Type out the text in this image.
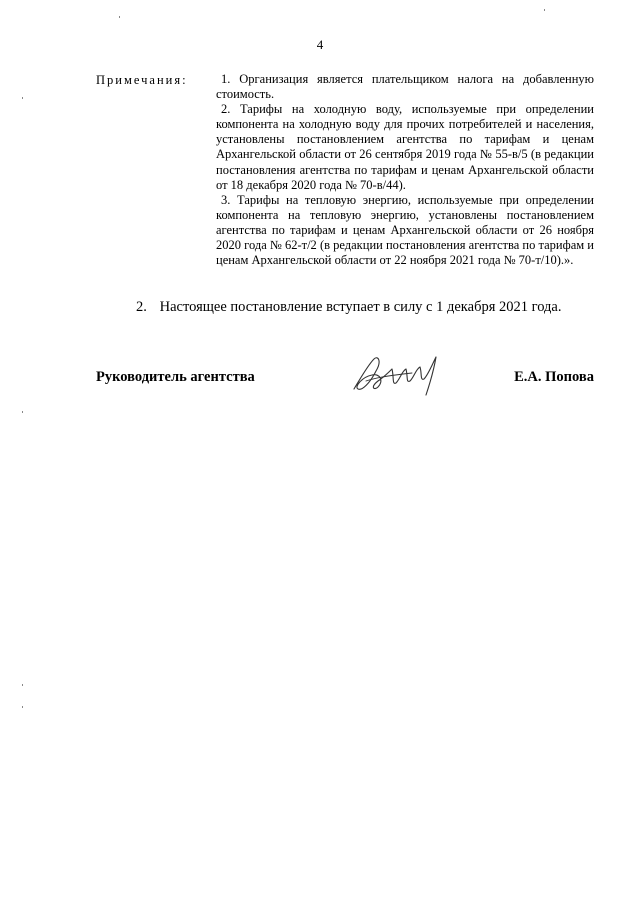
4
Примечания:	1. Организация является плательщиком налога на добавленную стоимость.

2. Тарифы на холодную воду, используемые при определении компонента на холодную воду для прочих потребителей и населения, установлены постановлением агентства по тарифам и ценам Архангельской области от 26 сентября 2019 года № 55-в/5 (в редакции постановления агентства по тарифам и ценам Архангельской области от 18 декабря 2020 года № 70-в/44).

3. Тарифы на тепловую энергию, используемые при определении компонента на тепловую энергию, установлены постановлением агентства по тарифам и ценам Архангельской области от 26 ноября 2020 года № 62-т/2 (в редакции постановления агентства по тарифам и ценам Архангельской области от 22 ноября 2021 года № 70-т/10).».

2. Настоящее постановление вступает в силу с 1 декабря 2021 года.
Руководитель агентства	Е.А. Попова
